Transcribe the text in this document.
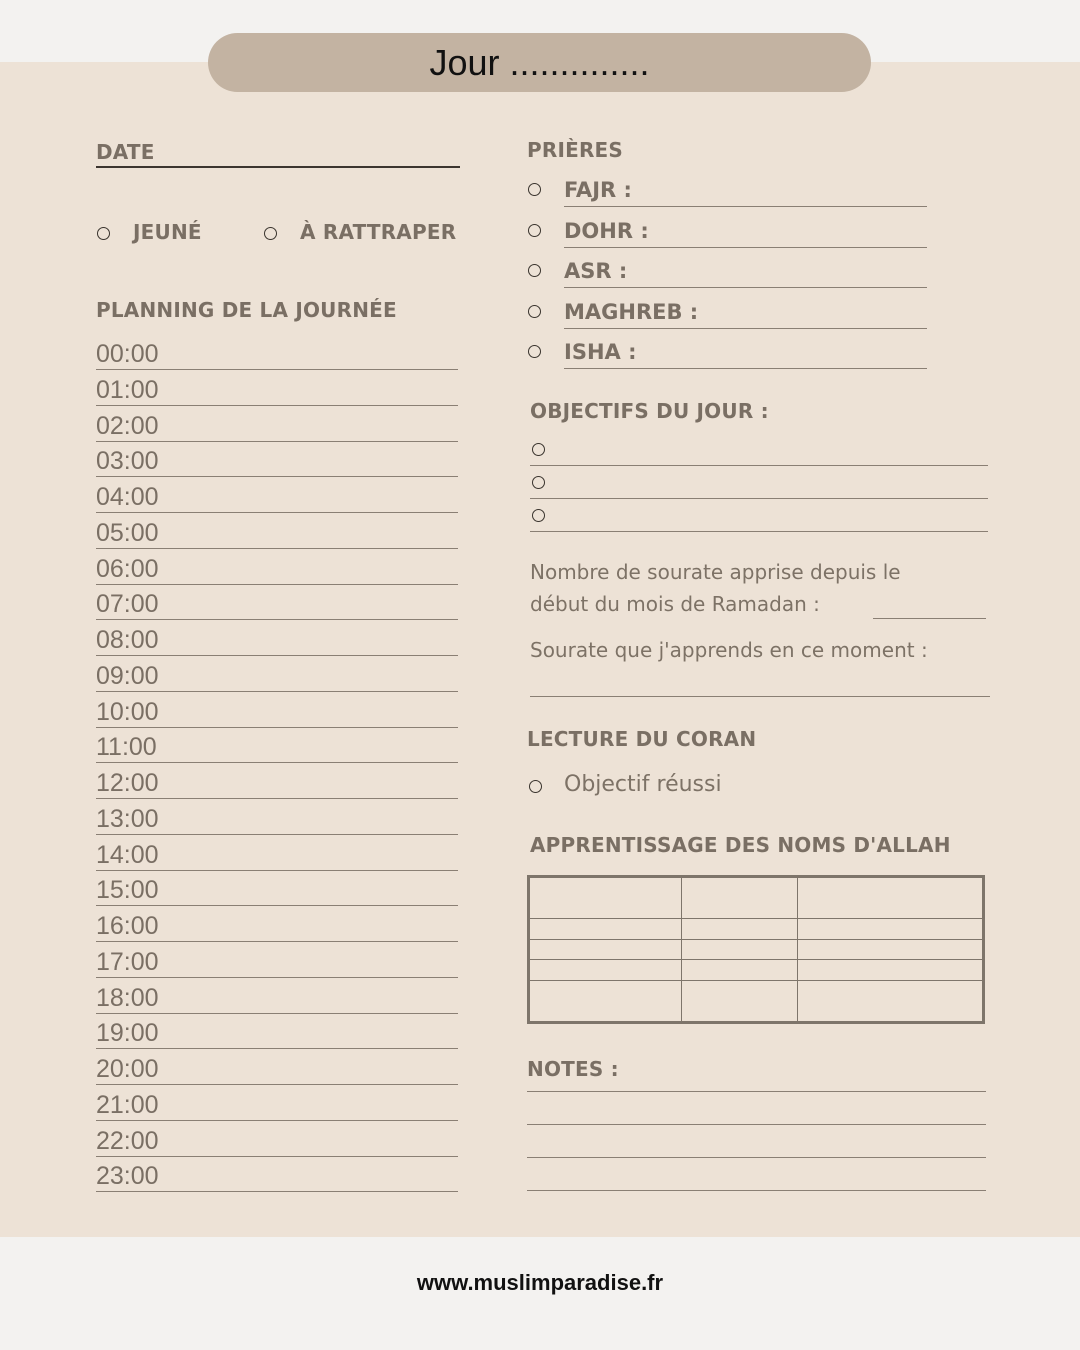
Jour ..............
DATE
JEUNÉ	À RATTRAPER
PLANNING DE LA JOURNÉE
00:00
01:00
02:00
03:00
04:00
05:00
06:00
07:00
08:00
09:00
10:00
11:00
12:00
13:00
14:00
15:00
16:00
17:00
18:00
19:00
20:00
21:00
22:00
23:00
PRIÈRES
FAJR :
DOHR :
ASR :
MAGHREB :
ISHA :
OBJECTIFS DU JOUR :
Nombre de sourate apprise depuis le
début du mois de Ramadan :
Sourate que j'apprends en ce moment :
LECTURE DU CORAN
Objectif réussi
APPRENTISSAGE DES NOMS D'ALLAH

NOTES :
www.muslimparadise.fr
